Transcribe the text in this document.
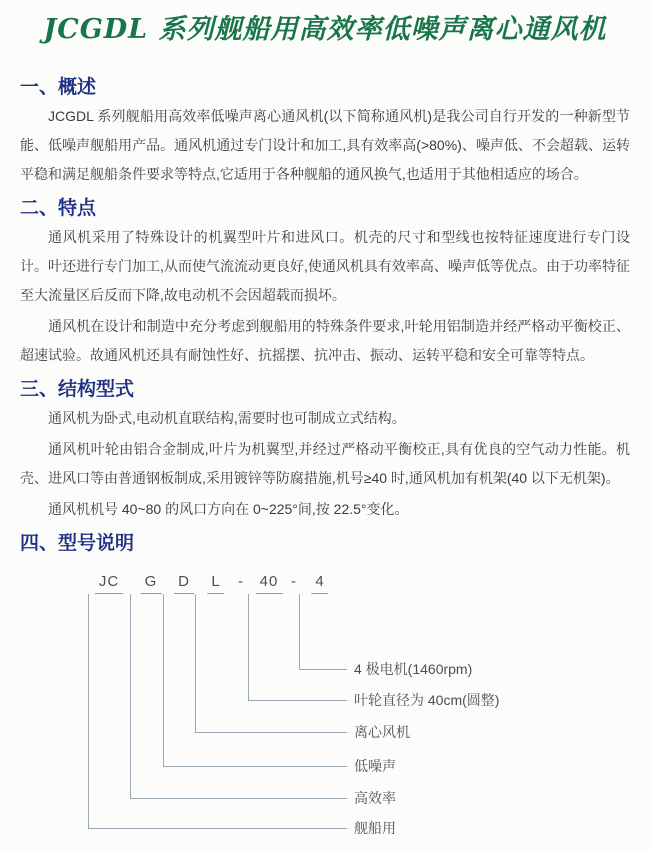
JCGDL 系列舰船用高效率低噪声离心通风机
一、概述

JCGDL 系列舰船用高效率低噪声离心通风机(以下简称通风机)是我公司自行开发的一种新型节能、低噪声舰船用产品。通风机通过专门设计和加工,具有效率高(>80%)、噪声低、不会超载、运转平稳和满足舰船条件要求等特点,它适用于各种舰船的通风换气,也适用于其他相适应的场合。

二、特点

通风机采用了特殊设计的机翼型叶片和进风口。机壳的尺寸和型线也按特征速度进行专门设计。叶还进行专门加工,从而使气流流动更良好,使通风机具有效率高、噪声低等优点。由于功率特征至大流量区后反而下降,故电动机不会因超载而损坏。

通风机在设计和制造中充分考虑到舰船用的特殊条件要求,叶轮用铝制造并经严格动平衡校正、超速试验。故通风机还具有耐蚀性好、抗摇摆、抗冲击、振动、运转平稳和安全可靠等特点。

三、结构型式

通风机为卧式,电动机直联结构,需要时也可制成立式结构。

通风机叶轮由铝合金制成,叶片为机翼型,并经过严格动平衡校正,具有优良的空气动力性能。机壳、进风口等由普通钢板制成,采用镀锌等防腐措施,机号≥40 时,通风机加有机架(40 以下无机架)。

通风机机号 40~80 的风口方向在 0~225°间,按 22.5°变化。

四、型号说明
JC G D L - 40 - 4
4 极电机(1460rpm)
叶轮直径为 40cm(圆整)
离心风机
低噪声
高效率
舰船用
